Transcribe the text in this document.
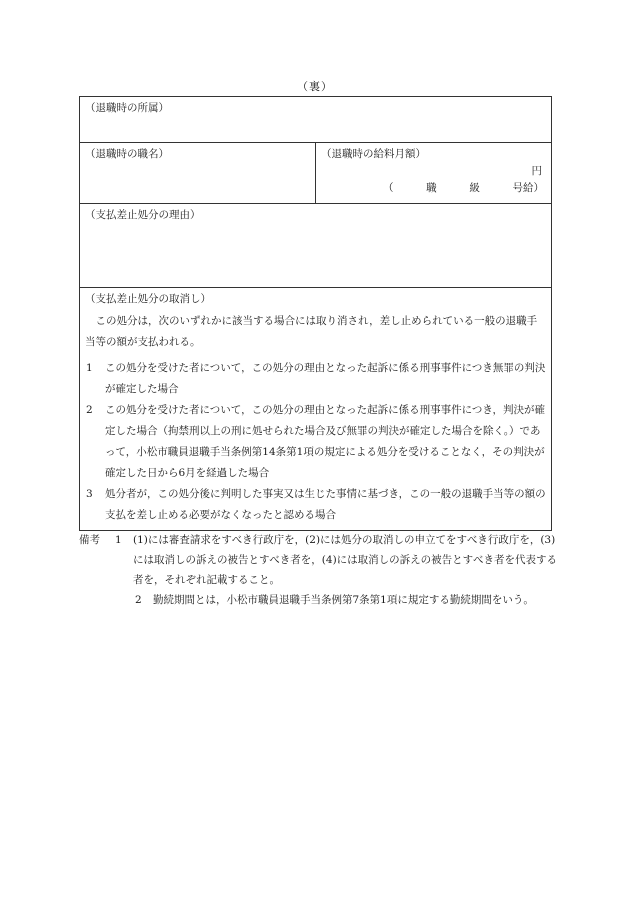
（裏）
（退職時の所属）
（退職時の職名）	（退職時の給料月額）
円
（	職	級	号給）

（支払差止処分の理由）

（支払差止処分の取消し）

この処分は，次のいずれかに該当する場合には取り消され，差し止められている一般の退職手当等の額が支払われる。

1 この処分を受けた者について，この処分の理由となった起訴に係る刑事事件につき無罪の判決が確定した場合
2 この処分を受けた者について，この処分の理由となった起訴に係る刑事事件につき，判決が確定した場合（拘禁刑以上の刑に処せられた場合及び無罪の判決が確定した場合を除く。）であって，小松市職員退職手当条例第14条第1項の規定による処分を受けることなく，その判決が確定した日から6月を経過した場合
3 処分者が，この処分後に判明した事実又は生じた事情に基づき，この一般の退職手当等の額の支払を差し止める必要がなくなったと認める場合
備考 1 (1)には審査請求をすべき行政庁を，(2)には処分の取消しの申立てをすべき行政庁を，(3)には取消しの訴えの被告とすべき者を，(4)には取消しの訴えの被告とすべき者を代表する者を，それぞれ記載すること。
2 勤続期間とは，小松市職員退職手当条例第7条第1項に規定する勤続期間をいう。
